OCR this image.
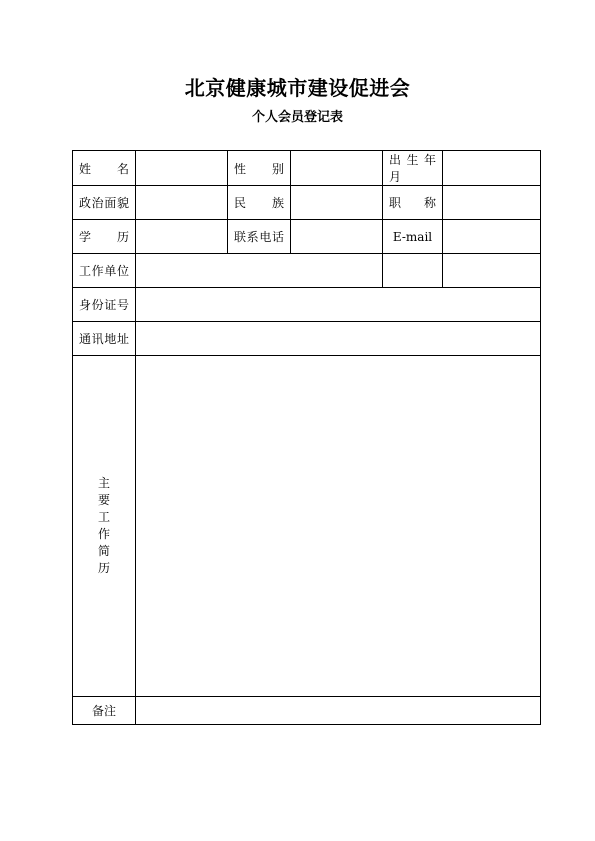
北京健康城市建设促进会
个人会员登记表
姓名		性别		出生年月	
政治面貌		民族		职称	
学历		联系电话		E-mail	
工作单位					
身份证号					
通讯地址					
主要工作简历					
备注					
